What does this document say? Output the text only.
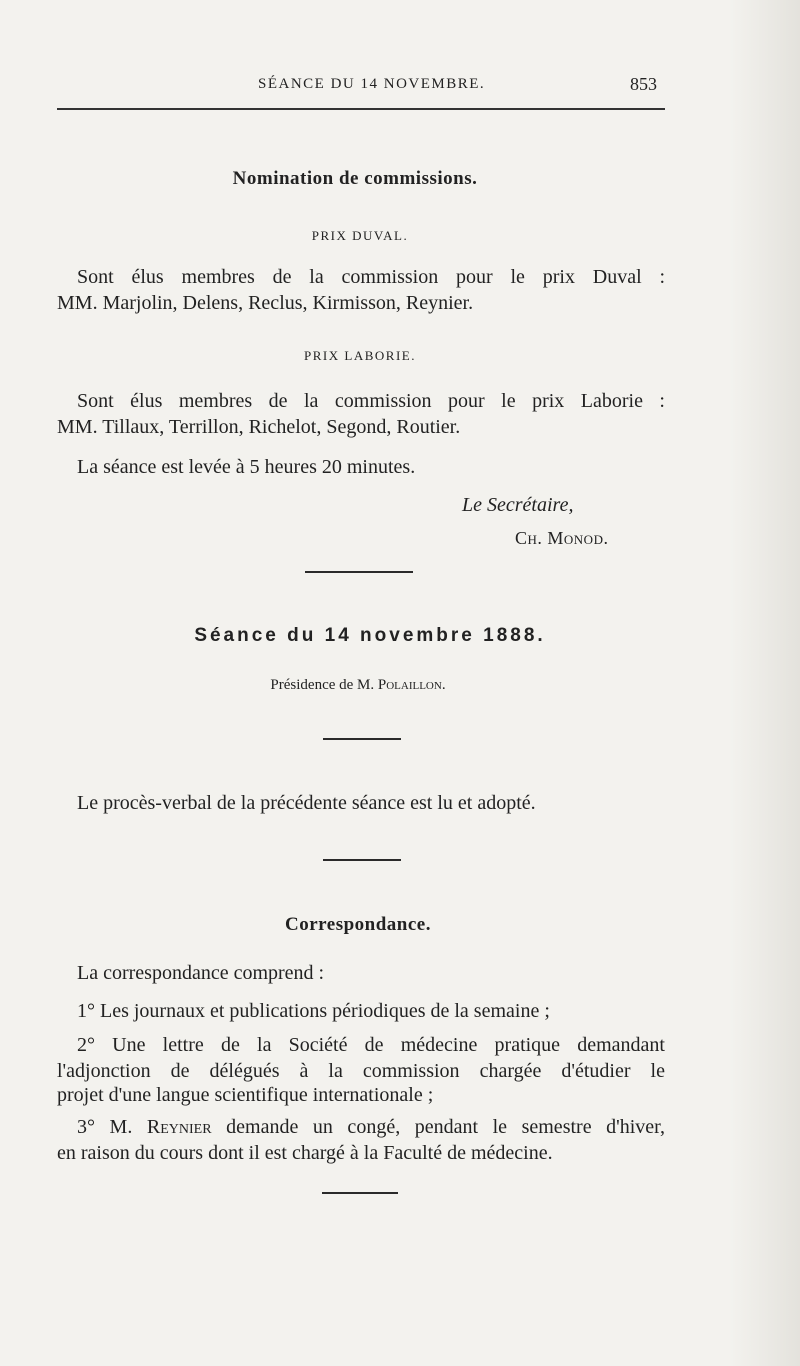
SÉANCE DU 14 NOVEMBRE.	853
Nomination de commissions.
PRIX DUVAL.
Sont élus membres de la commission pour le prix Duval :
MM. Marjolin, Delens, Reclus, Kirmisson, Reynier.
PRIX LABORIE.
Sont élus membres de la commission pour le prix Laborie :
MM. Tillaux, Terrillon, Richelot, Segond, Routier.
La séance est levée à 5 heures 20 minutes.
Le Secrétaire,
Ch. Monod.
Séance du 14 novembre 1888.
Présidence de M. Polaillon.
Le procès-verbal de la précédente séance est lu et adopté.
Correspondance.
La correspondance comprend :
1° Les journaux et publications périodiques de la semaine ;
2° Une lettre de la Société de médecine pratique demandant
l'adjonction de délégués à la commission chargée d'étudier le
projet d'une langue scientifique internationale ;
3° M. Reynier demande un congé, pendant le semestre d'hiver,
en raison du cours dont il est chargé à la Faculté de médecine.
